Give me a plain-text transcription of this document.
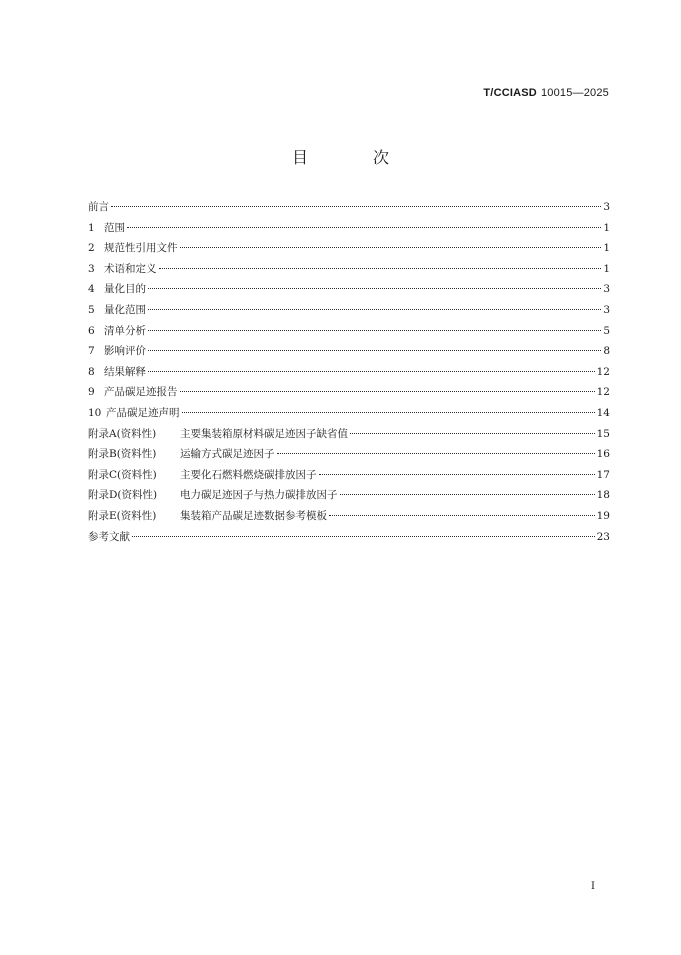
T/CCIASD 10015—2025
目 次
前言	3
1 范围	1
2 规范性引用文件	1
3 术语和定义	1
4 量化目的	3
5 量化范围	3
6 清单分析	5
7 影响评价	8
8 结果解释	12
9 产品碳足迹报告	12
10 产品碳足迹声明	14
附录A(资料性)	主要集装箱原材料碳足迹因子缺省值	15
附录B(资料性)	运输方式碳足迹因子	16
附录C(资料性)	主要化石燃料燃烧碳排放因子	17
附录D(资料性)	电力碳足迹因子与热力碳排放因子	18
附录E(资料性)	集装箱产品碳足迹数据参考模板	19
参考文献	23
I
